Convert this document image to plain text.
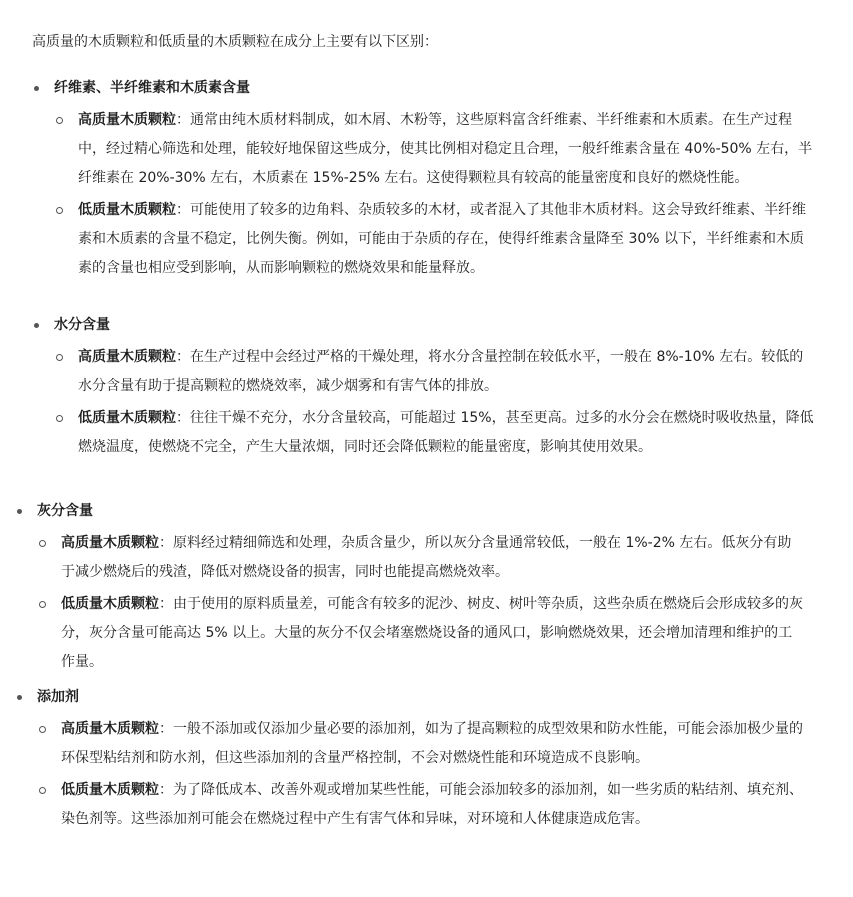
高质量的木质颗粒和低质量的木质颗粒在成分上主要有以下区别：

纤维素、半纤维素和木质素含量
高质量木质颗粒：通常由纯木质材料制成，如木屑、木粉等，这些原料富含纤维素、半纤维素和木质素。在生产过程中，经过精心筛选和处理，能较好地保留这些成分，使其比例相对稳定且合理，一般纤维素含量在 40%-50% 左右，半纤维素在 20%-30% 左右，木质素在 15%-25% 左右。这使得颗粒具有较高的能量密度和良好的燃烧性能。
低质量木质颗粒：可能使用了较多的边角料、杂质较多的木材，或者混入了其他非木质材料。这会导致纤维素、半纤维素和木质素的含量不稳定，比例失衡。例如，可能由于杂质的存在，使得纤维素含量降至 30% 以下，半纤维素和木质素的含量也相应受到影响，从而影响颗粒的燃烧效果和能量释放。
水分含量
高质量木质颗粒：在生产过程中会经过严格的干燥处理，将水分含量控制在较低水平，一般在 8%-10% 左右。较低的水分含量有助于提高颗粒的燃烧效率，减少烟雾和有害气体的排放。
低质量木质颗粒：往往干燥不充分，水分含量较高，可能超过 15%，甚至更高。过多的水分会在燃烧时吸收热量，降低燃烧温度，使燃烧不完全，产生大量浓烟，同时还会降低颗粒的能量密度，影响其使用效果。
灰分含量
高质量木质颗粒：原料经过精细筛选和处理，杂质含量少，所以灰分含量通常较低，一般在 1%-2% 左右。低灰分有助于减少燃烧后的残渣，降低对燃烧设备的损害，同时也能提高燃烧效率。
低质量木质颗粒：由于使用的原料质量差，可能含有较多的泥沙、树皮、树叶等杂质，这些杂质在燃烧后会形成较多的灰分，灰分含量可能高达 5% 以上。大量的灰分不仅会堵塞燃烧设备的通风口，影响燃烧效果，还会增加清理和维护的工作量。
添加剂
高质量木质颗粒：一般不添加或仅添加少量必要的添加剂，如为了提高颗粒的成型效果和防水性能，可能会添加极少量的环保型粘结剂和防水剂，但这些添加剂的含量严格控制，不会对燃烧性能和环境造成不良影响。
低质量木质颗粒：为了降低成本、改善外观或增加某些性能，可能会添加较多的添加剂，如一些劣质的粘结剂、填充剂、染色剂等。这些添加剂可能会在燃烧过程中产生有害气体和异味，对环境和人体健康造成危害。
